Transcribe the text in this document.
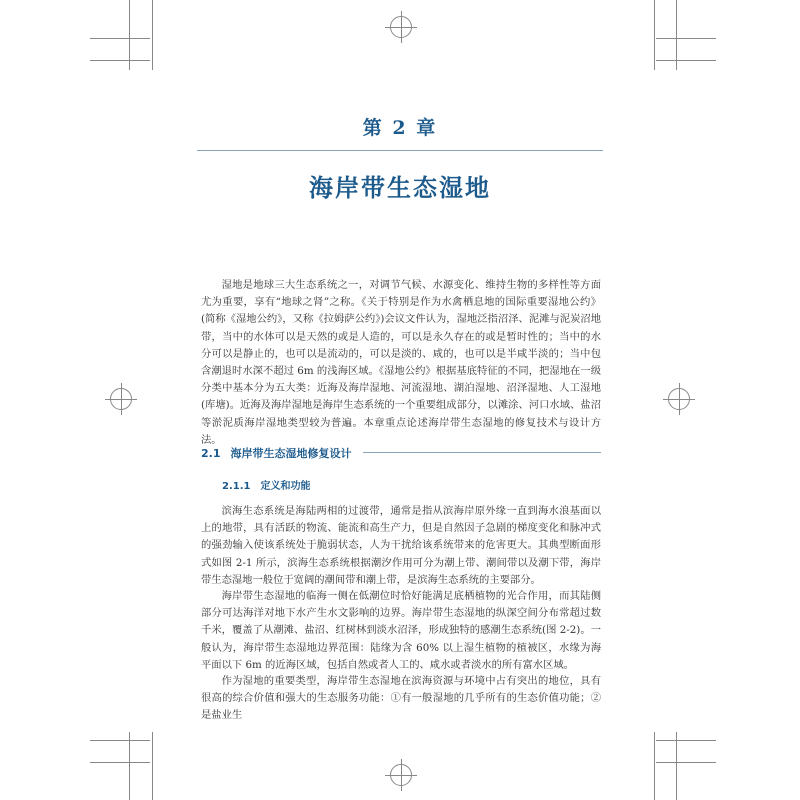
第 2 章
海岸带生态湿地
湿地是地球三大生态系统之一，对调节气候、水源变化、维持生物的多样性等方面尤为重要，享有“地球之肾”之称。《关于特别是作为水禽栖息地的国际重要湿地公约》(简称《湿地公约》，又称《拉姆萨公约》)会议文件认为，湿地泛指沼泽、泥滩与泥炭沼地带，当中的水体可以是天然的或是人造的，可以是永久存在的或是暂时性的；当中的水分可以是静止的，也可以是流动的，可以是淡的、咸的，也可以是半咸半淡的；当中包含潮退时水深不超过 6m 的浅海区域。《湿地公约》根据基底特征的不同，把湿地在一级分类中基本分为五大类：近海及海岸湿地、河流湿地、湖泊湿地、沼泽湿地、人工湿地(库塘)。近海及海岸湿地是海岸生态系统的一个重要组成部分，以滩涂、河口水域、盐沼等淤泥质海岸湿地类型较为普遍。本章重点论述海岸带生态湿地的修复技术与设计方法。
2.1 海岸带生态湿地修复设计
2.1.1 定义和功能
滨海生态系统是海陆两相的过渡带，通常是指从滨海岸原外缘一直到海水浪基面以上的地带，具有活跃的物流、能流和高生产力，但是自然因子急剧的梯度变化和脉冲式的强劲输入使该系统处于脆弱状态，人为干扰给该系统带来的危害更大。其典型断面形式如图 2-1 所示，滨海生态系统根据潮汐作用可分为潮上带、潮间带以及潮下带，海岸带生态湿地一般位于宽阔的潮间带和潮上带，是滨海生态系统的主要部分。
海岸带生态湿地的临海一侧在低潮位时恰好能满足底栖植物的光合作用，而其陆侧部分可达海洋对地下水产生水文影响的边界。海岸带生态湿地的纵深空间分布常超过数千米，覆盖了从潮滩、盐沼、红树林到淡水沼泽，形成独特的感潮生态系统(图 2-2)。一般认为，海岸带生态湿地边界范围：陆缘为含 60% 以上湿生植物的植被区，水缘为海平面以下 6m 的近海区域，包括自然或者人工的、咸水或者淡水的所有富水区域。
作为湿地的重要类型，海岸带生态湿地在滨海资源与环境中占有突出的地位，具有很高的综合价值和强大的生态服务功能：①有一般湿地的几乎所有的生态价值功能；②是盐业生
